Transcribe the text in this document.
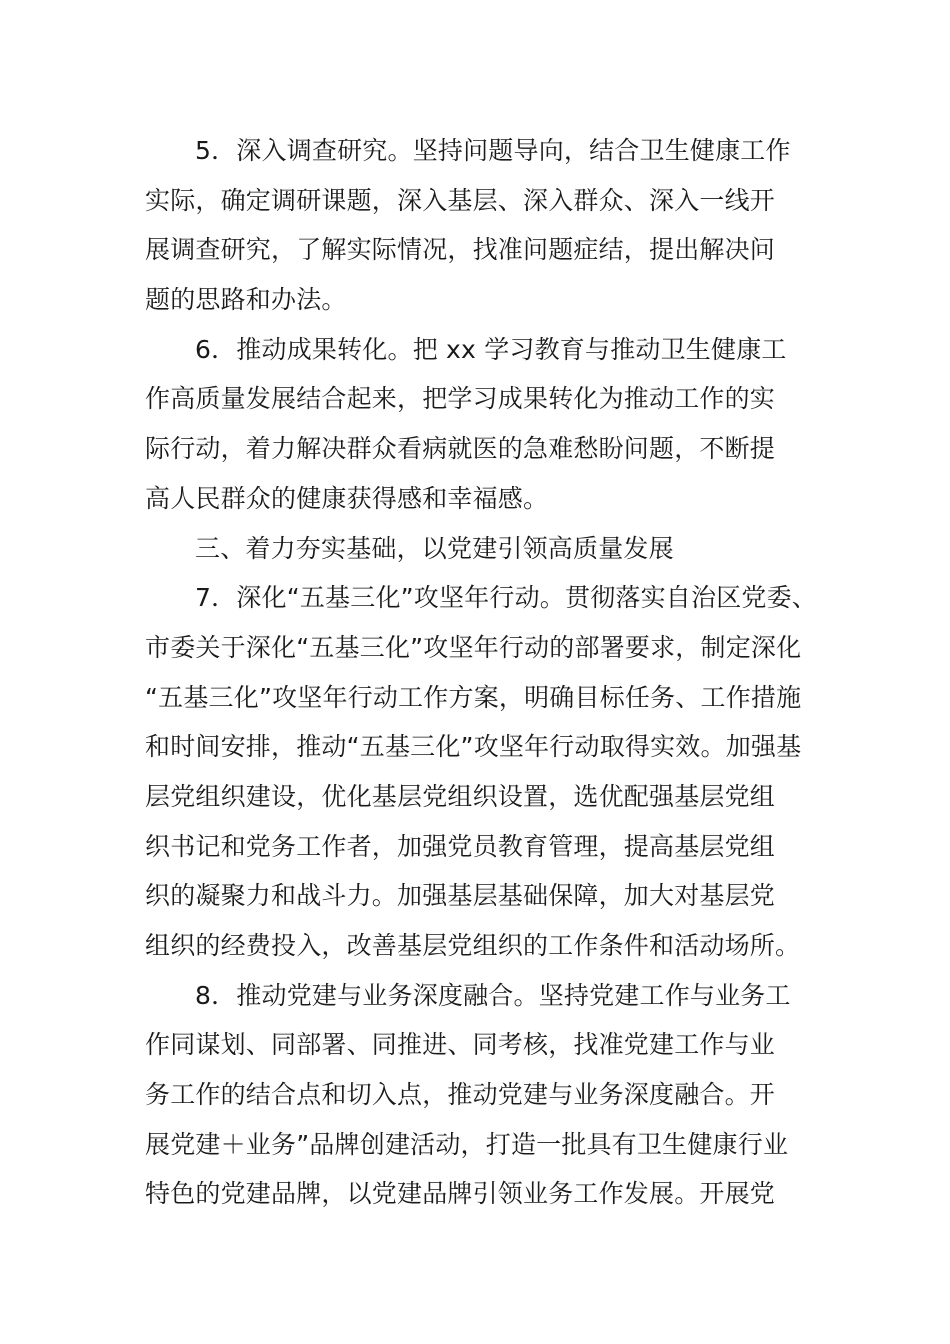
5．深入调查研究。坚持问题导向，结合卫生健康工作
实际，确定调研课题，深入基层、深入群众、深入一线开
展调查研究，了解实际情况，找准问题症结，提出解决问
题的思路和办法。
6．推动成果转化。把 xx 学习教育与推动卫生健康工
作高质量发展结合起来，把学习成果转化为推动工作的实
际行动，着力解决群众看病就医的急难愁盼问题，不断提
高人民群众的健康获得感和幸福感。
三、着力夯实基础，以党建引领高质量发展
7．深化“五基三化”攻坚年行动。贯彻落实自治区党委、
市委关于深化“五基三化”攻坚年行动的部署要求，制定深化
“五基三化”攻坚年行动工作方案，明确目标任务、工作措施
和时间安排，推动“五基三化”攻坚年行动取得实效。加强基
层党组织建设，优化基层党组织设置，选优配强基层党组
织书记和党务工作者，加强党员教育管理，提高基层党组
织的凝聚力和战斗力。加强基层基础保障，加大对基层党
组织的经费投入，改善基层党组织的工作条件和活动场所。
8．推动党建与业务深度融合。坚持党建工作与业务工
作同谋划、同部署、同推进、同考核，找准党建工作与业
务工作的结合点和切入点，推动党建与业务深度融合。开
展党建＋业务”品牌创建活动，打造一批具有卫生健康行业
特色的党建品牌，以党建品牌引领业务工作发展。开展党
